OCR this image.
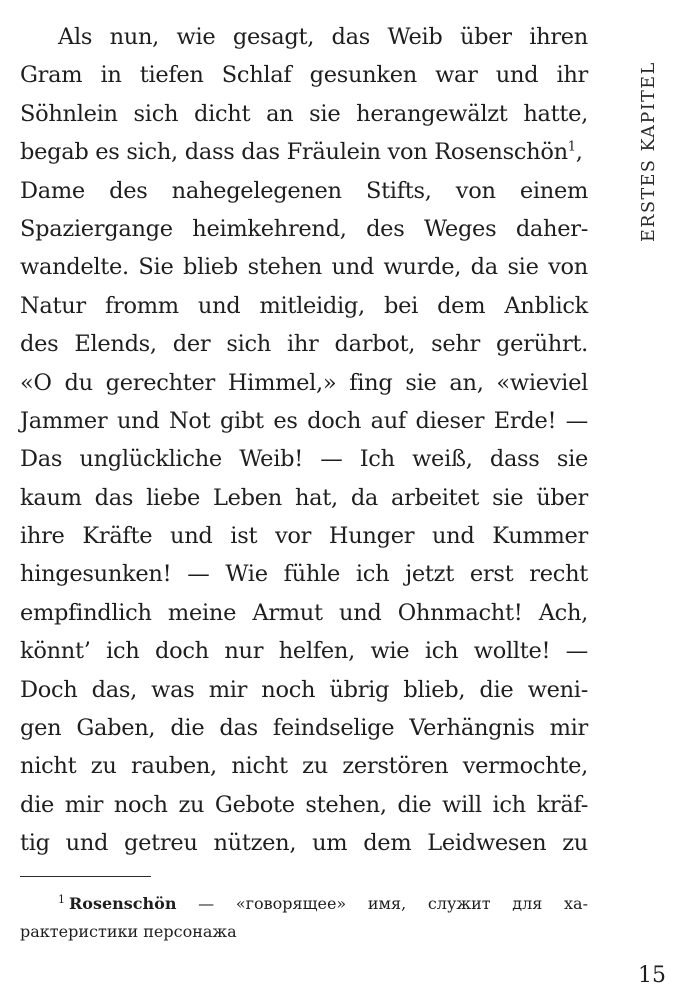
ERSTES KAPITEL
Als nun, wie gesagt, das Weib über ihren
Gram in tiefen Schlaf gesunken war und ihr
Söhnlein sich dicht an sie herangewälzt hatte,
begab es sich, dass das Fräulein von Rosenschön$^1$,
Dame des nahegelegenen Stifts, von einem
Spaziergange heimkehrend, des Weges daher-
wandelte. Sie blieb stehen und wurde, da sie von
Natur fromm und mitleidig, bei dem Anblick
des Elends, der sich ihr darbot, sehr gerührt.
«O du gerechter Himmel,» fing sie an, «wieviel
Jammer und Not gibt es doch auf dieser Erde! —
Das unglückliche Weib! — Ich weiß, dass sie
kaum das liebe Leben hat, da arbeitet sie über
ihre Kräfte und ist vor Hunger und Kummer
hingesunken! — Wie fühle ich jetzt erst recht
empfindlich meine Armut und Ohnmacht! Ach,
könnt’ ich doch nur helfen, wie ich wollte! —
Doch das, was mir noch übrig blieb, die weni-
gen Gaben, die das feindselige Verhängnis mir
nicht zu rauben, nicht zu zerstören vermochte,
die mir noch zu Gebote stehen, die will ich kräf-
tig und getreu nützen, um dem Leidwesen zu
$^1$ Rosenschön — «говорящее» имя, служит для ха-
рактеристики персонажа
15
